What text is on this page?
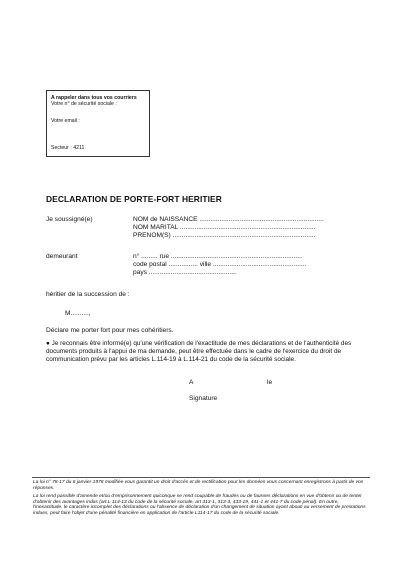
A rappeler dans tous vos courriers
Votre n° de sécurité sociale :
Votre email :
Secteur : 4211
DECLARATION DE PORTE-FORT HERITIER
Je soussigné(e)	NOM de NAISSANCE ....................................................................
NOM MARITAL ..........................................................................
PRENOM(S) ..............................................................................
demeurant	n° ......... rue ........................................................................
code postal ................ ville ...................................................
pays ................................................
héritier de la succession de :
M..........,
Déclare me porter fort pour mes cohéritiers.
● Je reconnais être informé(e) qu'une vérification de l'exactitude de mes déclarations et de l'authenticité des documents produits à l'appui de ma demande, peut être effectuée dans le cadre de l'exercice du droit de communication prévu par les articles L.114-19 à L.114-21 du code de la sécurité sociale.
A	le
Signature
La loi n° 78-17 du 6 janvier 1978 modifiée vous garantit un droit d'accès et de rectification pour les données vous concernant enregistrons à partir de vos réponses.
La loi rend passible d'amende et/ou d'emprisonnement quiconque se rend coupable de fraudes ou de fausses déclarations en vue d'obtenir ou de tenter d'obtenir des avantages indus (art.L 114-13 du code de la sécurité sociale, art 313-1, 313-3, 433-19, 441-1 et 441-7 du code pénal). En outre, l'inexactitude, le caractère incomplet des déclarations ou l'absence de déclaration d'un changement de situation ayant abouti au versement de prestations indues, peut faire l'objet d'une pénalité financière en application de l'article L114-17 du code de la sécurité sociale.
